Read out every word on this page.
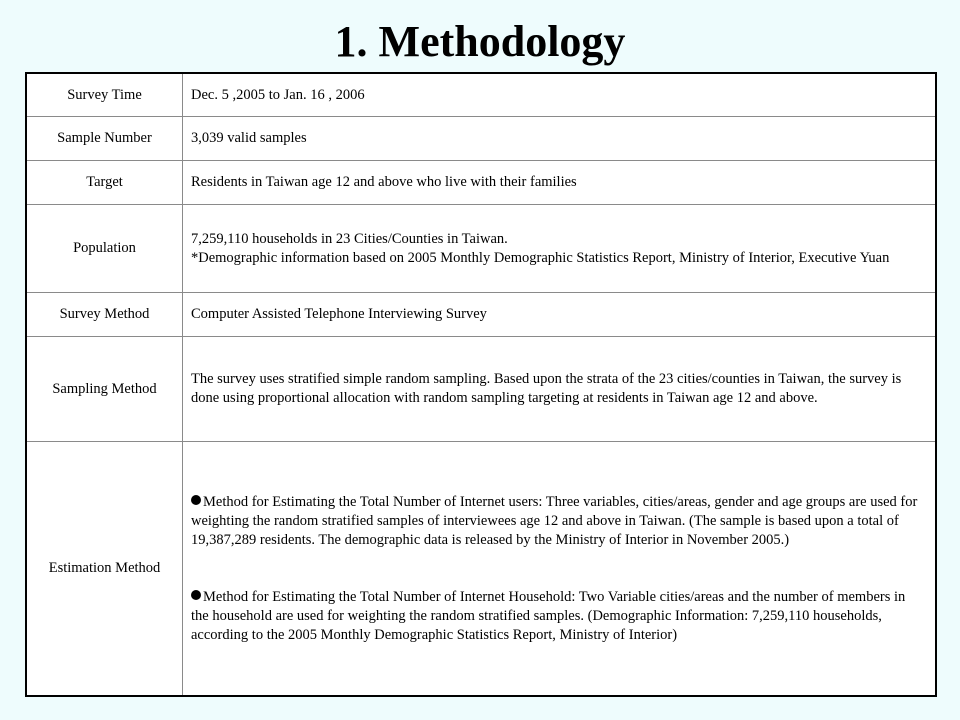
1. Methodology
Survey Time	Dec. 5 ,2005 to Jan. 16 , 2006
Sample Number	3,039 valid samples
Target	Residents in Taiwan age 12 and above who live with their families
Population	7,259,110 households in 23 Cities/Counties in Taiwan.
*Demographic information based on 2005 Monthly Demographic Statistics Report, Ministry of Interior, Executive Yuan

Survey Method	Computer Assisted Telephone Interviewing Survey
Sampling Method	The survey uses stratified simple random sampling. Based upon the strata of the 23 cities/counties in Taiwan, the survey is done using proportional allocation with random sampling targeting at residents in Taiwan age 12 and above.
Estimation Method	Method for Estimating the Total Number of Internet users: Three variables, cities/areas, gender and age groups are used for weighting the random stratified samples of interviewees age 12 and above in Taiwan. (The sample is based upon a total of 19,387,289 residents. The demographic data is released by the Ministry of Interior in November 2005.)
Method for Estimating the Total Number of Internet Household: Two Variable cities/areas and the number of members in the household are used for weighting the random stratified samples. (Demographic Information: 7,259,110 households, according to the 2005 Monthly Demographic Statistics Report, Ministry of Interior)
